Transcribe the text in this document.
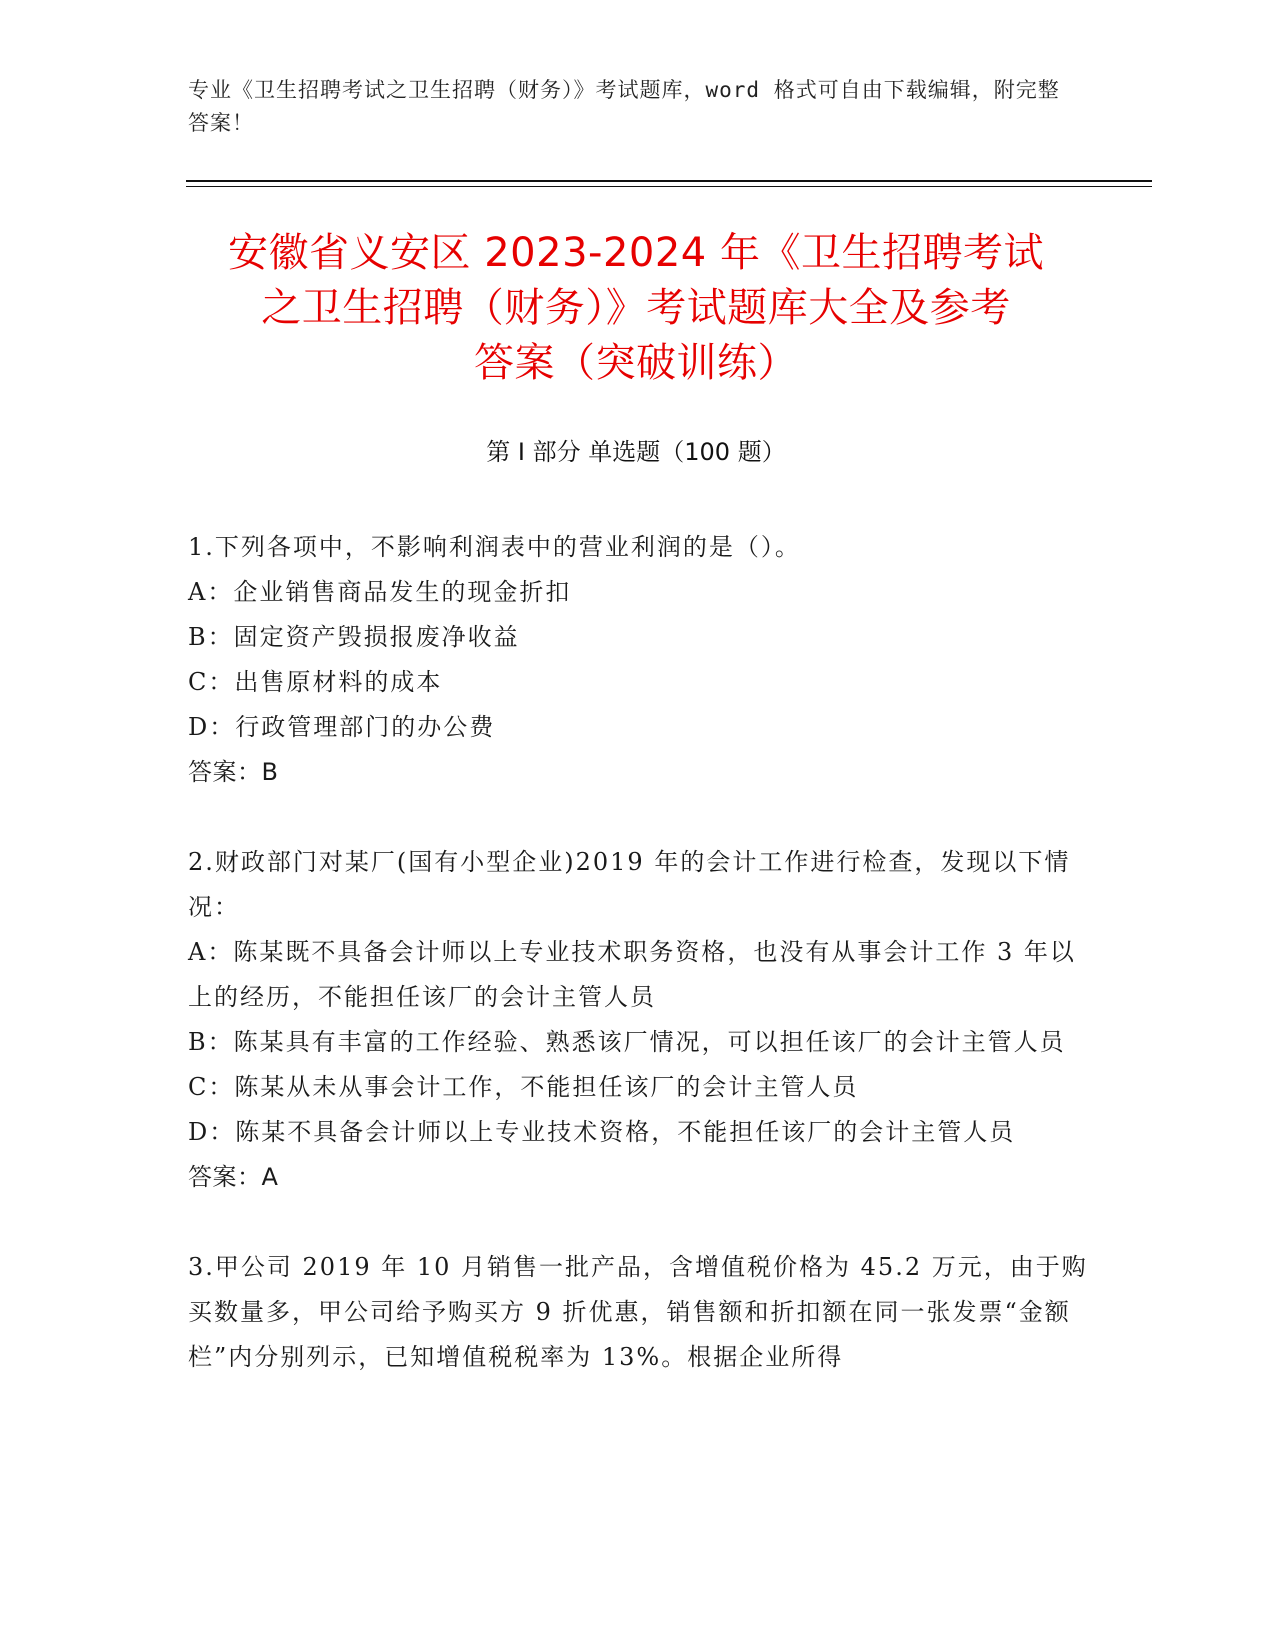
专业《卫生招聘考试之卫生招聘（财务）》考试题库，word 格式可自由下载编辑，附完整答案！
安徽省义安区 2023-2024 年《卫生招聘考试
之卫生招聘（财务）》考试题库大全及参考
答案（突破训练）
第 I 部分 单选题（100 题）
1.下列各项中，不影响利润表中的营业利润的是（）。
A：企业销售商品发生的现金折扣
B：固定资产毁损报废净收益
C：出售原材料的成本
D：行政管理部门的办公费
答案：B
2.财政部门对某厂(国有小型企业)2019 年的会计工作进行检查，发现以下情况：
A：陈某既不具备会计师以上专业技术职务资格，也没有从事会计工作 3 年以上的经历，不能担任该厂的会计主管人员
B：陈某具有丰富的工作经验、熟悉该厂情况，可以担任该厂的会计主管人员
C：陈某从未从事会计工作，不能担任该厂的会计主管人员
D：陈某不具备会计师以上专业技术资格，不能担任该厂的会计主管人员
答案：A
3.甲公司 2019 年 10 月销售一批产品，含增值税价格为 45.2 万元，由于购买数量多，甲公司给予购买方 9 折优惠，销售额和折扣额在同一张发票“金额栏”内分别列示，已知增值税税率为 13%。根据企业所得
